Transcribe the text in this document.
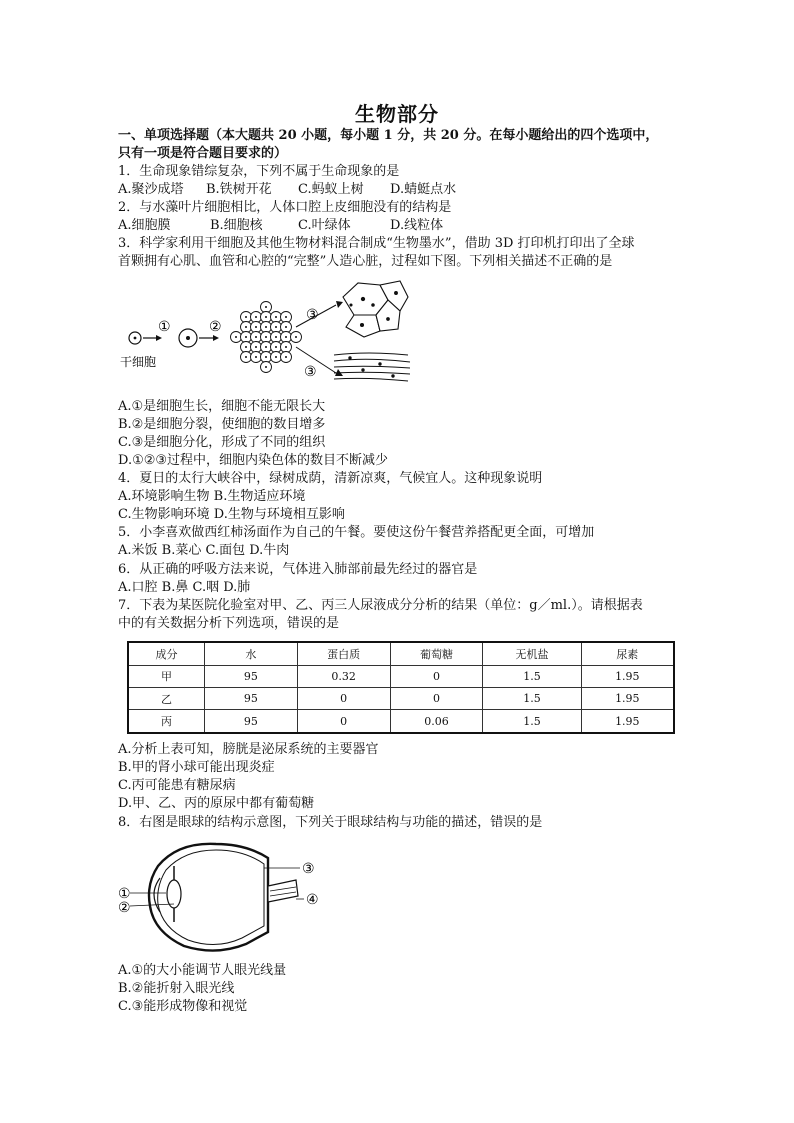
生物部分
一、单项选择题（本大题共 20 小题，每小题 1 分，共 20 分。在每小题给出的四个选项中，
只有一项是符合题目要求的）
1．生命现象错综复杂，下列不属于生命现象的是
A.聚沙成塔 B.铁树开花 C.蚂蚁上树 D.蜻蜓点水
2．与水藻叶片细胞相比，人体口腔上皮细胞没有的结构是
A.细胞膜	B.细胞核	C.叶绿体	D.线粒体
3．科学家利用干细胞及其他生物材料混合制成“生物墨水”，借助 3D 打印机打印出了全球
首颗拥有心肌、血管和心腔的“完整”人造心脏，过程如下图。下列相关描述不正确的是
①	②
③
③
干细胞
A.①是细胞生长，细胞不能无限长大
B.②是细胞分裂，使细胞的数目增多
C.③是细胞分化，形成了不同的组织
D.①②③过程中，细胞内染色体的数目不断减少
4．夏日的太行大峡谷中，绿树成荫，清新凉爽，气候宜人。这种现象说明
A.环境影响生物 B.生物适应环境
C.生物影响环境 D.生物与环境相互影响
5．小李喜欢做西红柿汤面作为自己的午餐。要使这份午餐营养搭配更全面，可增加
A.米饭 B.菜心 C.面包 D.牛肉
6．从正确的呼吸方法来说，气体进入肺部前最先经过的器官是
A.口腔 B.鼻 C.咽 D.肺
7．下表为某医院化验室对甲、乙、丙三人尿液成分分析的结果（单位：g／ml.）。请根据表
中的有关数据分析下列选项，错误的是
成分	水	蛋白质	葡萄糖	无机盐	尿素
甲	95	0.32	0	1.5	1.95
乙	95	0	0	1.5	1.95
丙	95	0	0.06	1.5	1.95
A.分析上表可知，膀胱是泌尿系统的主要器官
B.甲的肾小球可能出现炎症
C.丙可能患有糖尿病
D.甲、乙、丙的原尿中都有葡萄糖
8．右图是眼球的结构示意图，下列关于眼球结构与功能的描述，错误的是
①
②
③
④
A.①的大小能调节人眼光线量
B.②能折射入眼光线
C.③能形成物像和视觉
